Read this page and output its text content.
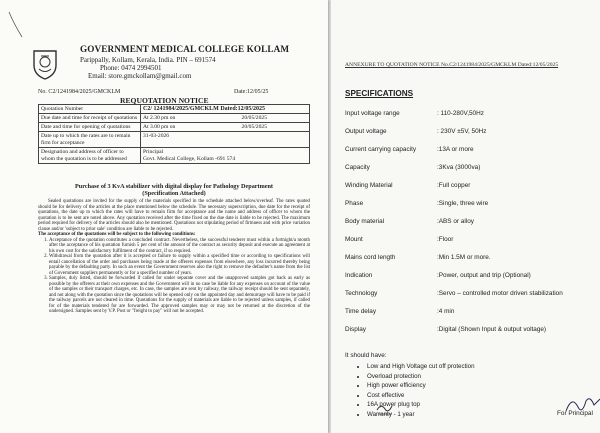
GOVERNMENT MEDICAL COLLEGE KOLLAM
Parippally, Kollam, Kerala, India. PIN – 691574
Phone: 0474 2994501
Email: store.gmckollam@gmail.com
No. C2/1241984/2025/GMCKLM	Date:12/05/25
REQUOTATION NOTICE
Quotation Number	C2/ 1241984/2025/GMCKLM Dated:12/05/2025
Due date and time for receipt of quotations	At 2.30 pm on 20/05/2025

Date and time for opening of quotations	At 3.00 pm on 20/05/2025

Date up to which the rates are to remain firm for acceptance	31-03-2026
Designation and address of officer to whom the quotation is to be addressed	Principal
Govt. Medical College, Kollam -691 574
Purchase of 3 KvA stabilizer with digital display for Pathology Department
(Specification Attached)

Sealed quotations are invited for the supply of the materials specified in the schedule attached below/overleaf. The rates quoted should be for delivery of the articles at the place mentioned below the schedule. The necessary superscription, due date for the receipt of quotations, the date up to which the rates will have to remain firm for acceptance and the name and address of officer to whom the quotation is to be sent are noted above. Any quotation received after the time fixed on the due date is liable to be rejected. The maximum period required for delivery of the articles should also be mentioned. Quotations not stipulating period of firmness and with price variation clause and/or 'subject to prior sale' condition are liable to be rejected.

The acceptance of the quotations will be subject to the following conditions:

1. Acceptance of the quotation constitutes a concluded contract. Nevertheless, the successful tenderer must within a fortnight/a month after the acceptance of his quotation furnish 5 per cent of the amount of the contract as security deposit and execute an agreement at his own cost for the satisfactory fulfilment of the contract, if so required.
2. Withdrawal from the quotation after it is accepted or failure to supply within a specified time or according to specifications will entail cancellation of the order and purchases being made at the offerers expenses from elsewhere, any loss incurred thereby being payable by the defaulting party. In such an event the Government reserves also the right to remove the defaulter's name from the list of Government suppliers permanently or for a specified number of years.
3. Samples, duly listed, should be forwarded if called for under separate cover and the unapproved samples got back as early as possible by the offerers at their own expenses and the Government will in no case be liable for any expenses on account of the value of the samples or their transport charges, etc. In case, the samples are sent by railway, the railway receipt should be sent separately, and not along with the quotation since the quotations will be opened only on the appointed day and demurrage will have to be paid if the railway parcels are not cleared in time. Quotations for the supply of materials are liable to be rejected unless samples, if called for of the materials tendered for are forwarded. The approved samples may or may not be returned at the discretion of the undersigned. Samples sent by V.P. Post or "freight to pay" will not be accepted.
ANNEXURE TO QUOTATION NOTICE No.C2/1241984/2025/GMCKLM Dated:12/05/2025
SPECIFICATIONS
Input voltage range	: 110-280V,50Hz
Output voltage	: 230V ±5V, 50Hz
Current carrying capacity	:13A or more
Capacity	:3Kva (3000va)
Winding Material	:Full copper
Phase	:Single, three wire
Body material	:ABS or alloy
Mount	:Floor
Mains cord length	:Min 1.5M or more.
Indication	:Power, output and trip (Optional)
Technology	:Servo – controlled motor driven stabilization
Time delay	:4 min
Display	:Digital (Shown Input & output voltage)
It should have:
• Low and High Voltage cut off protection
• Overload protection
• High power efficiency
• Cost effective
• 16A power plug top
• Warranty - 1 year	For Principal
